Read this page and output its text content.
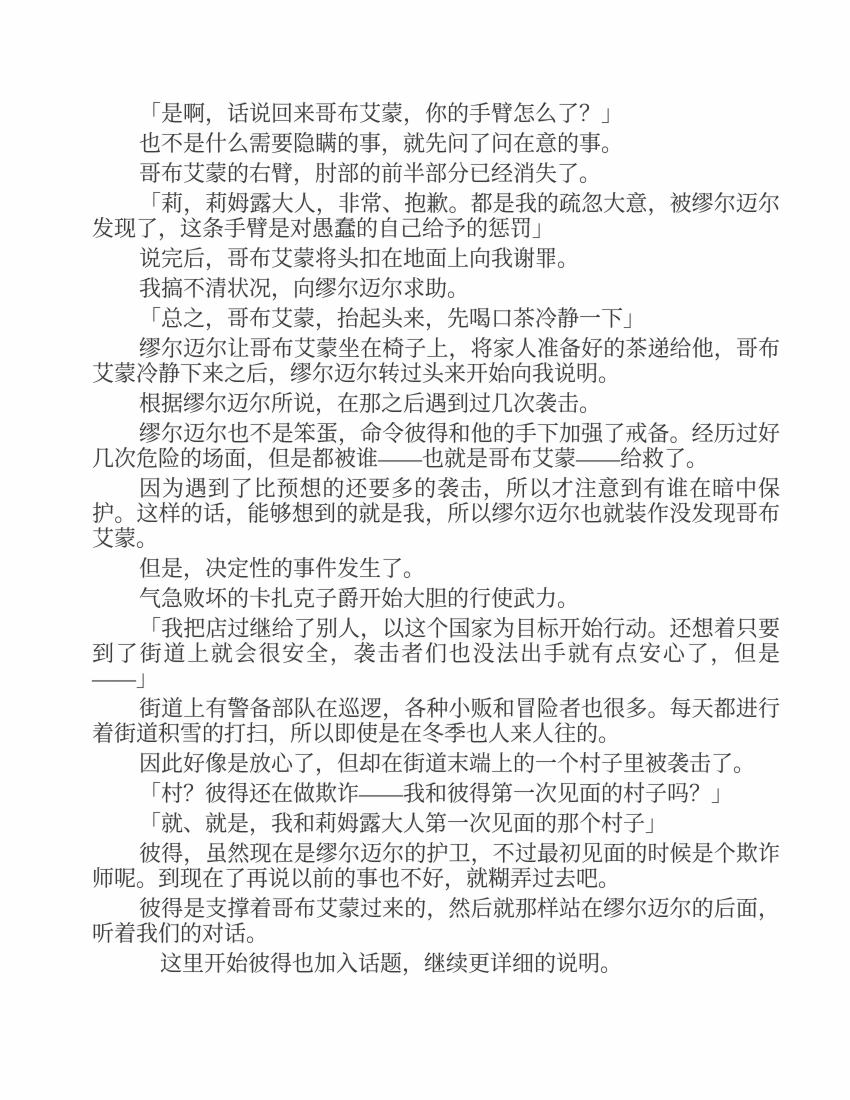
「是啊，话说回来哥布艾蒙，你的手臂怎么了？」

也不是什么需要隐瞒的事，就先问了问在意的事。

哥布艾蒙的右臂，肘部的前半部分已经消失了。

「莉，莉姆露大人，非常、抱歉。都是我的疏忽大意，被缪尔迈尔发现了，这条手臂是对愚蠢的自己给予的惩罚」

说完后，哥布艾蒙将头扣在地面上向我谢罪。

我搞不清状况，向缪尔迈尔求助。

「总之，哥布艾蒙，抬起头来，先喝口茶冷静一下」

缪尔迈尔让哥布艾蒙坐在椅子上，将家人准备好的茶递给他，哥布艾蒙冷静下来之后，缪尔迈尔转过头来开始向我说明。

根据缪尔迈尔所说，在那之后遇到过几次袭击。

缪尔迈尔也不是笨蛋，命令彼得和他的手下加强了戒备。经历过好几次危险的场面，但是都被谁——也就是哥布艾蒙——给救了。

因为遇到了比预想的还要多的袭击，所以才注意到有谁在暗中保护。这样的话，能够想到的就是我，所以缪尔迈尔也就装作没发现哥布艾蒙。

但是，决定性的事件发生了。

气急败坏的卡扎克子爵开始大胆的行使武力。

「我把店过继给了别人，以这个国家为目标开始行动。还想着只要到了街道上就会很安全，袭击者们也没法出手就有点安心了，但是——」

街道上有警备部队在巡逻，各种小贩和冒险者也很多。每天都进行着街道积雪的打扫，所以即使是在冬季也人来人往的。

因此好像是放心了，但却在街道末端上的一个村子里被袭击了。

「村？彼得还在做欺诈——我和彼得第一次见面的村子吗？」

「就、就是，我和莉姆露大人第一次见面的那个村子」

彼得，虽然现在是缪尔迈尔的护卫，不过最初见面的时候是个欺诈师呢。到现在了再说以前的事也不好，就糊弄过去吧。

彼得是支撑着哥布艾蒙过来的，然后就那样站在缪尔迈尔的后面，听着我们的对话。

这里开始彼得也加入话题，继续更详细的说明。
